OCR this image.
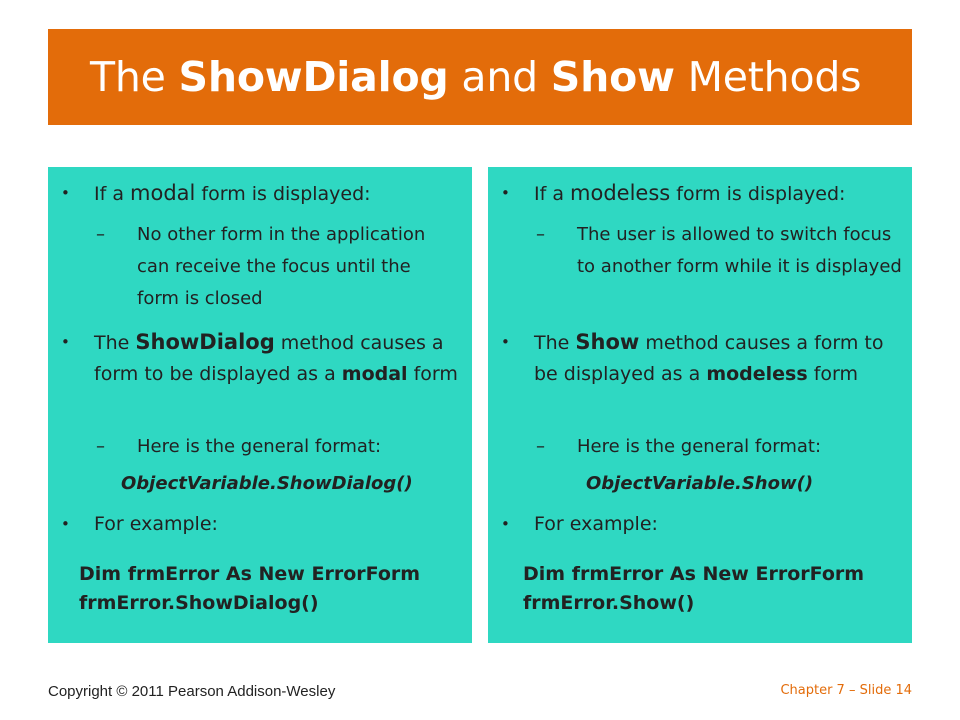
The ShowDialog and Show Methods
• If a modal form is displayed:
– No other form in the application can receive the focus until the form is closed
• The ShowDialog method causes a form to be displayed as a modal form
– Here is the general format:
ObjectVariable.ShowDialog()
• For example:
Dim frmError As New ErrorForm
frmError.ShowDialog()
• If a modeless form is displayed:
– The user is allowed to switch focus to another form while it is displayed
• The Show method causes a form to be displayed as a modeless form
– Here is the general format:
ObjectVariable.Show()
• For example:
Dim frmError As New ErrorForm
frmError.Show()
Copyright © 2011 Pearson Addison-Wesley	Chapter 7 – Slide 14
